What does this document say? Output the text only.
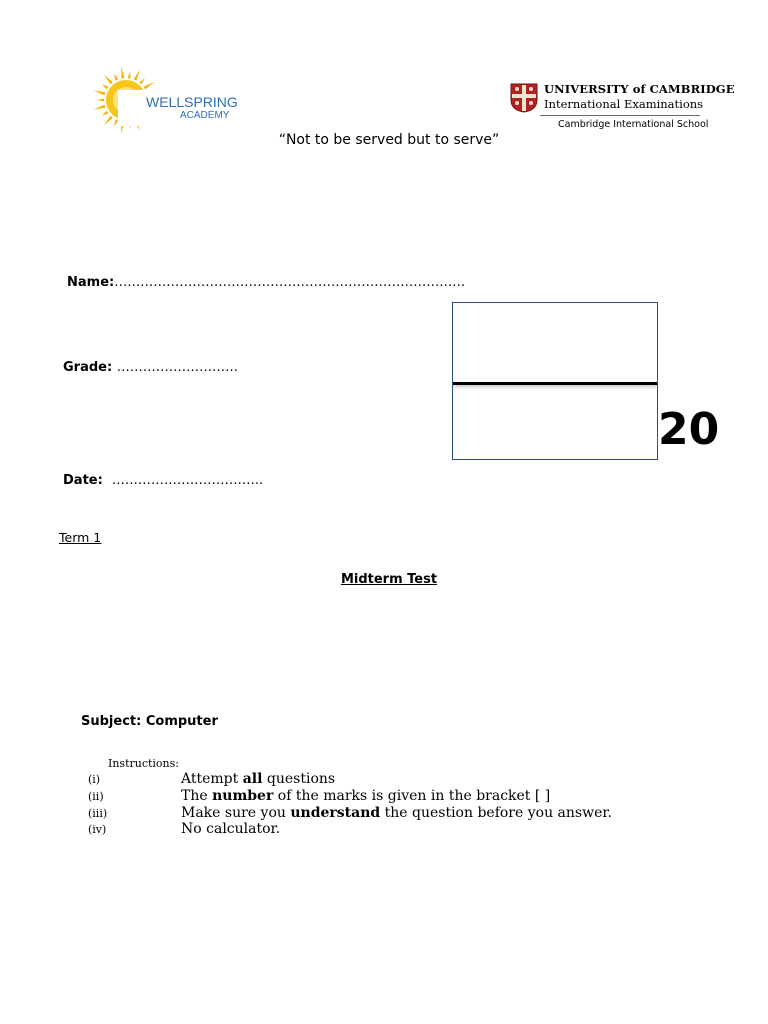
WELLSPRING
ACADEMY
UNIVERSITY of CAMBRIDGE
International Examinations
Cambridge International School
“Not to be served but to serve”
Name:………………………………………………………………………
Grade: ……………………….
Date: ……………………………..
20
Term 1
Midterm Test
Subject: Computer
Instructions:
(i)	Attempt all questions
(ii)	The number of the marks is given in the bracket [ ]
(iii)	Make sure you understand the question before you answer.
(iv)	No calculator.
